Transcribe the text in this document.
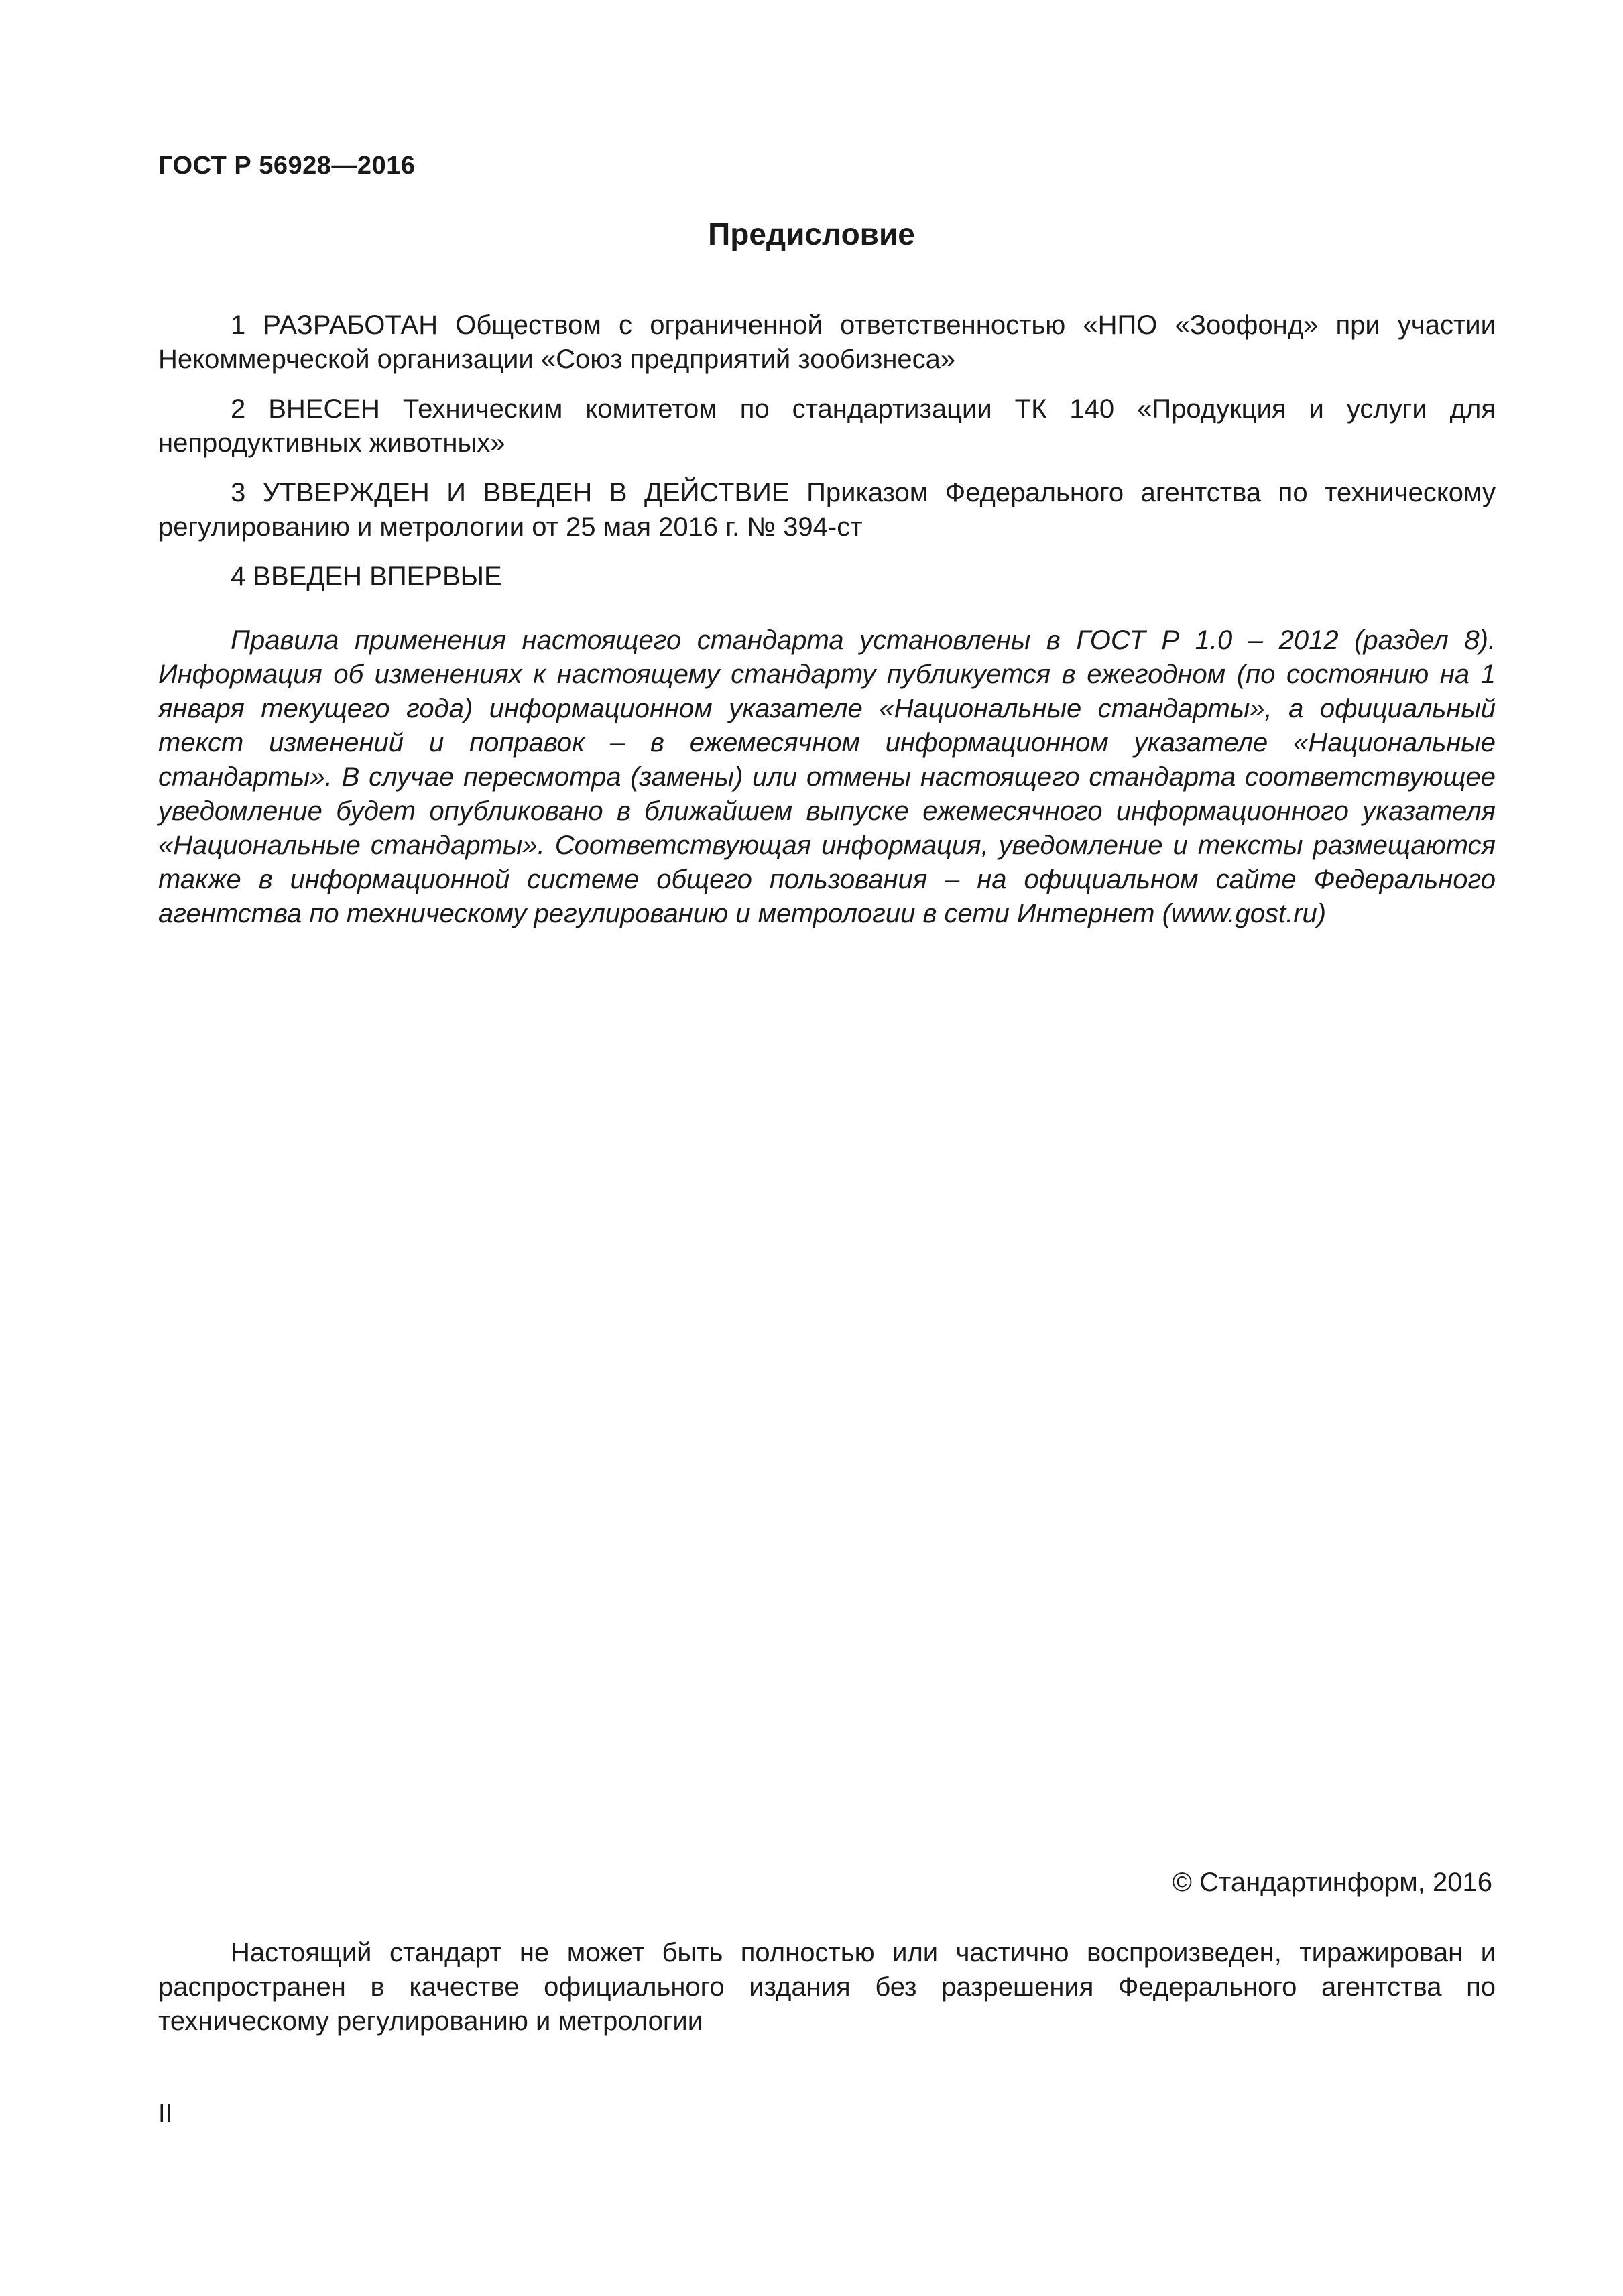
ГОСТ Р 56928—2016
Предисловие

1 РАЗРАБОТАН Обществом с ограниченной ответственностью «НПО «Зоофонд» при участии Некоммерческой организации «Союз предприятий зообизнеса»

2 ВНЕСЕН Техническим комитетом по стандартизации ТК 140 «Продукция и услуги для непродуктивных животных»

3 УТВЕРЖДЕН И ВВЕДЕН В ДЕЙСТВИЕ Приказом Федерального агентства по техническому регулированию и метрологии от 25 мая 2016 г. № 394-ст

4 ВВЕДЕН ВПЕРВЫЕ

Правила применения настоящего стандарта установлены в ГОСТ Р 1.0 – 2012 (раздел 8). Информация об изменениях к настоящему стандарту публикуется в ежегодном (по состоянию на 1 января текущего года) информационном указателе «Национальные стандарты», а официальный текст изменений и поправок – в ежемесячном информационном указателе «Национальные стандарты». В случае пересмотра (замены) или отмены настоящего стандарта соответствующее уведомление будет опубликовано в ближайшем выпуске ежемесячного информационного указателя «Национальные стандарты». Соответствующая информация, уведомление и тексты размещаются также в информационной системе общего пользования – на официальном сайте Федерального агентства по техническому регулированию и метрологии в сети Интернет (www.gost.ru)

© Стандартинформ, 2016

Настоящий стандарт не может быть полностью или частично воспроизведен, тиражирован и распространен в качестве официального издания без разрешения Федерального агентства по техническому регулированию и метрологии

II
